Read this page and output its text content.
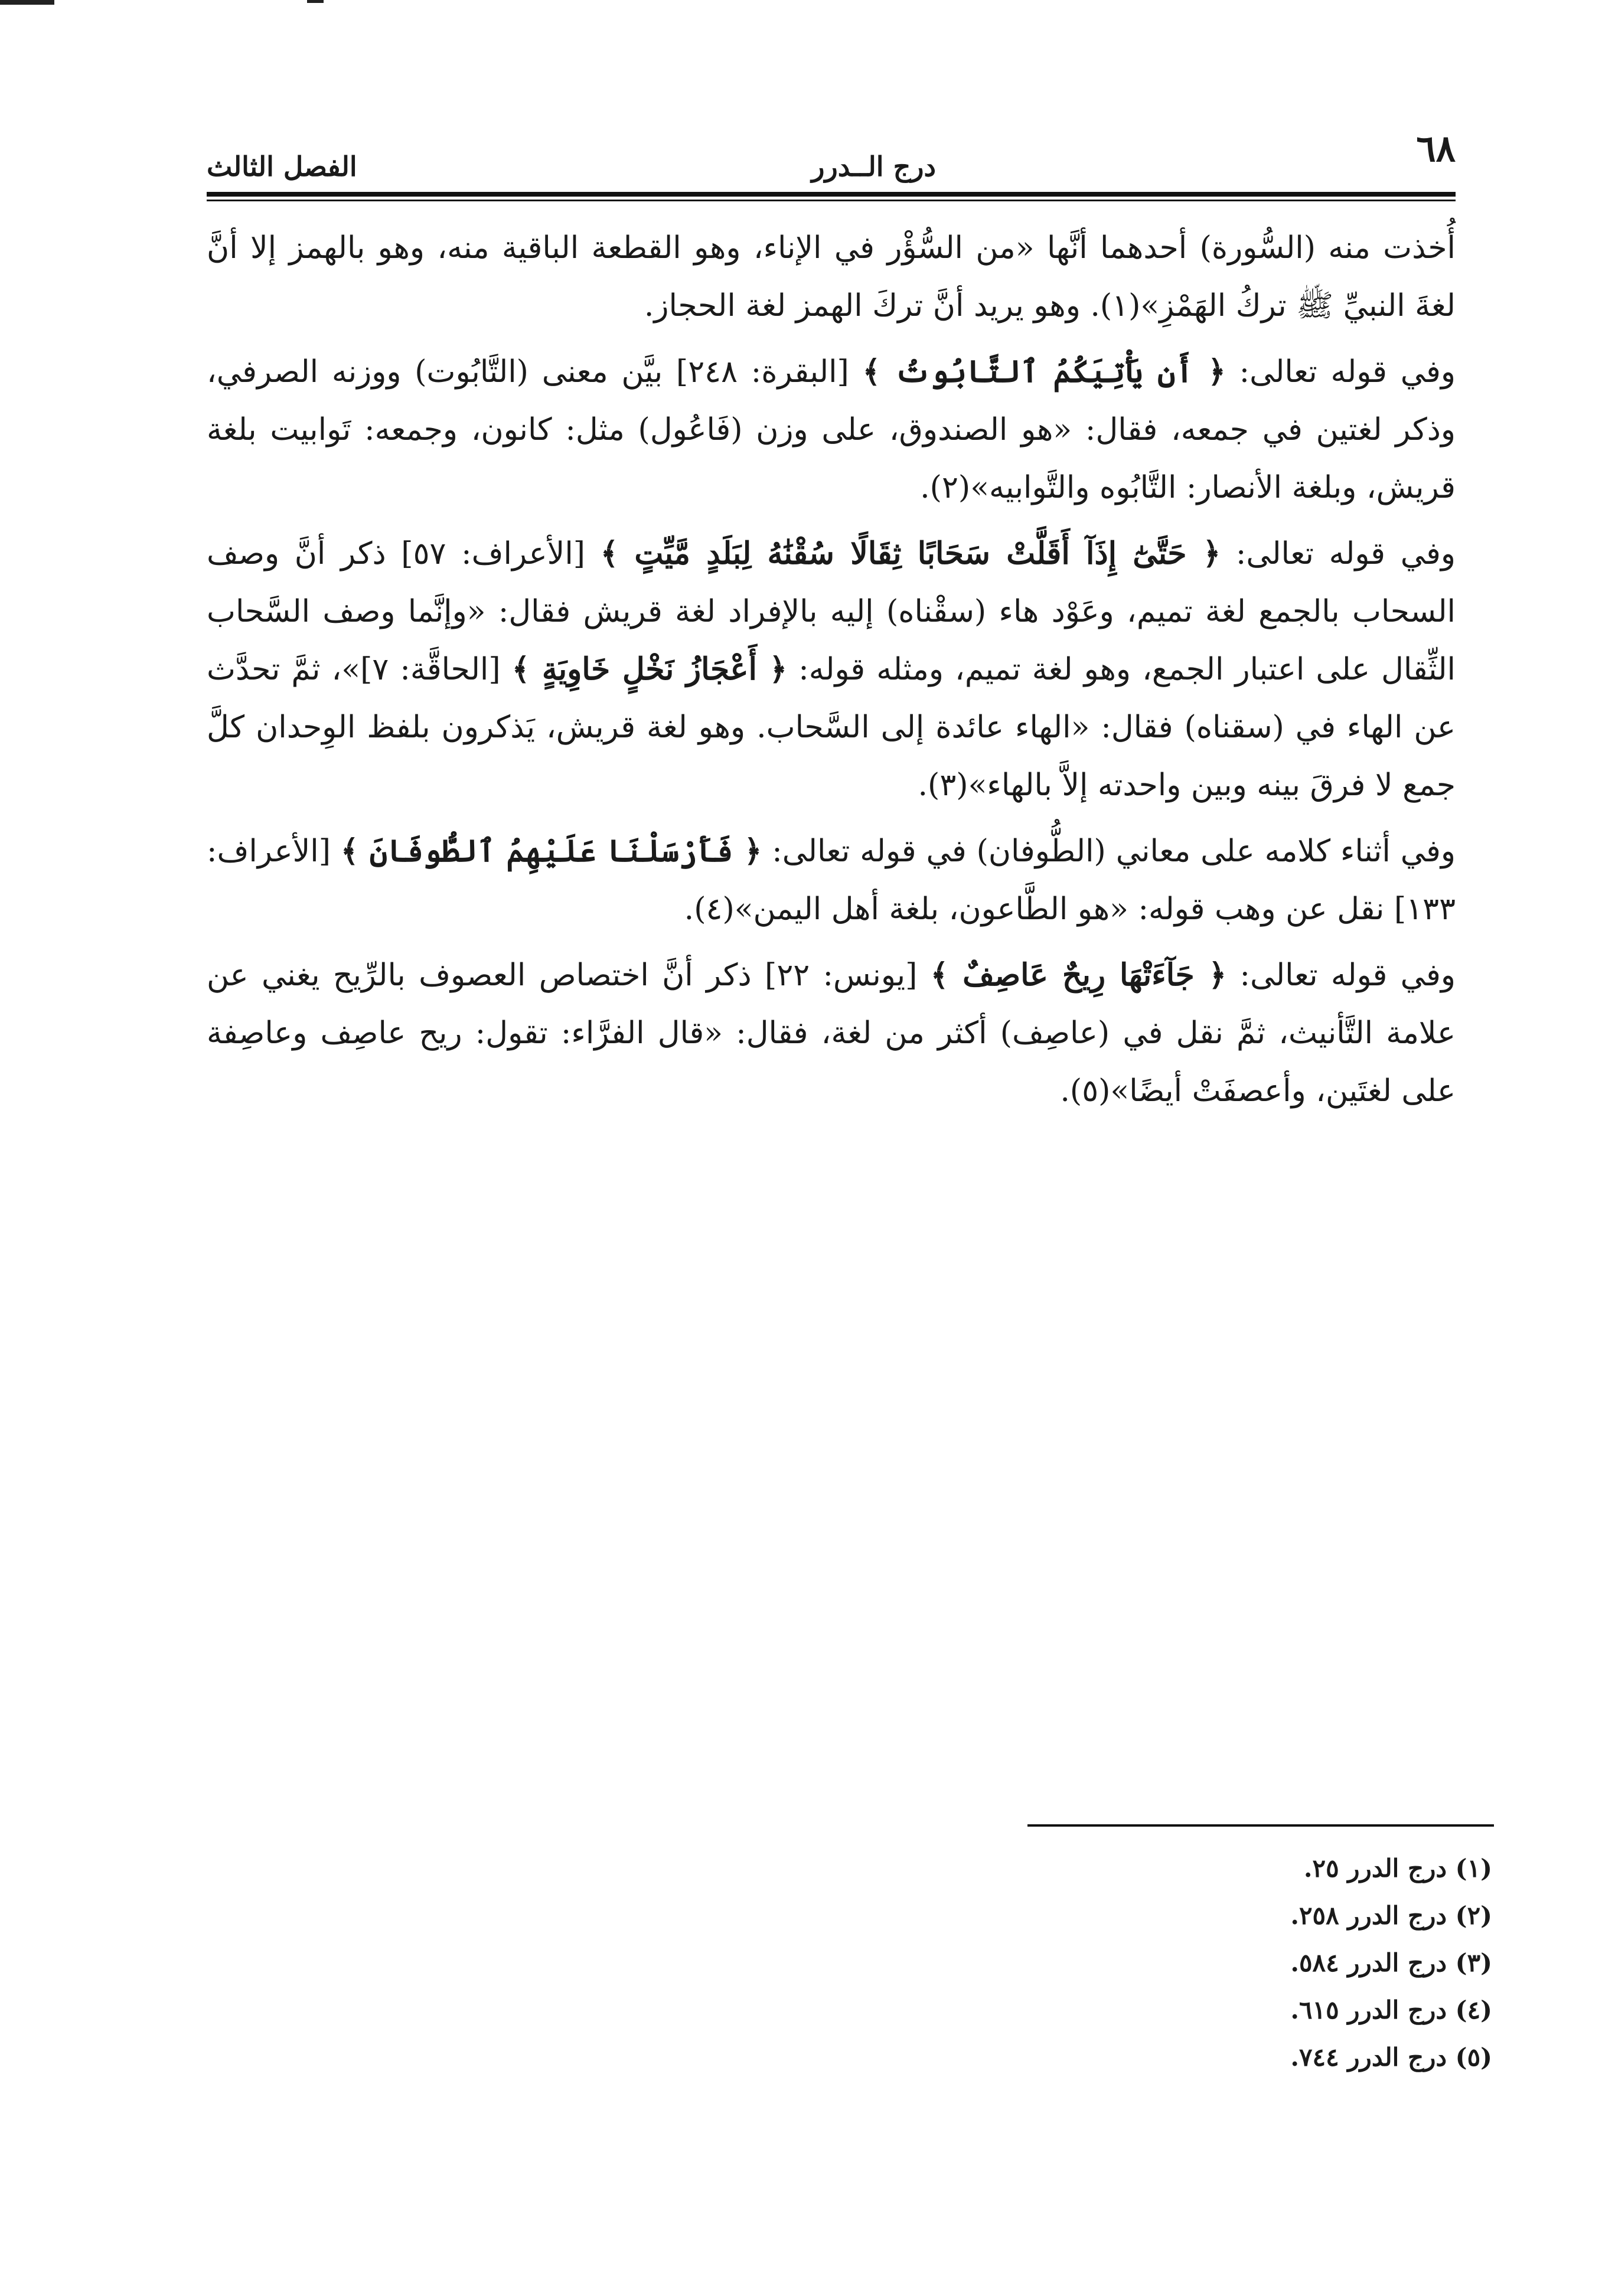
٦٨
درج الــدرر
الفصل الثالث

أُخذت منه (السُّورة) أحدهما أنَّها «من السُّؤْر في الإناء، وهو القطعة الباقية منه، وهو بالهمز إلا أنَّ لغةَ النبيِّ ﷺ تركُ الهَمْزِ»(١). وهو يريد أنَّ تركَ الهمز لغة الحجاز.

وفي قوله تعالى: ﴿ أَن يَأْتِيَكُمُ ٱلتَّابُوتُ ﴾ [البقرة: ٢٤٨] بيَّن معنى (التَّابُوت) ووزنه الصرفي، وذكر لغتين في جمعه، فقال: «هو الصندوق، على وزن (فَاعُول) مثل: كانون، وجمعه: تَوابيت بلغة قريش، وبلغة الأنصار: التَّابُوه والتَّوابيه»(٢).

وفي قوله تعالى: ﴿ حَتَّىٰٓ إِذَآ أَقَلَّتْ سَحَابًا ثِقَالًا سُقْنَٰهُ لِبَلَدٍ مَّيِّتٍ ﴾ [الأعراف: ٥٧] ذكر أنَّ وصف السحاب بالجمع لغة تميم، وعَوْد هاء (سقْناه) إليه بالإفراد لغة قريش فقال: «وإنَّما وصف السَّحاب الثِّقال على اعتبار الجمع، وهو لغة تميم، ومثله قوله: ﴿ أَعْجَازُ نَخْلٍ خَاوِيَةٍ ﴾ [الحاقَّة: ٧]»، ثمَّ تحدَّث عن الهاء في (سقناه) فقال: «الهاء عائدة إلى السَّحاب. وهو لغة قريش، يَذكرون بلفظ الوِحدان كلَّ جمع لا فرقَ بينه وبين واحدته إلاَّ بالهاء»(٣).

وفي أثناء كلامه على معاني (الطُّوفان) في قوله تعالى: ﴿ فَأَرْسَلْنَا عَلَيْهِمُ ٱلطُّوفَانَ ﴾ [الأعراف: ١٣٣] نقل عن وهب قوله: «هو الطَّاعون، بلغة أهل اليمن»(٤).

وفي قوله تعالى: ﴿ جَآءَتْهَا رِيحٌ عَاصِفٌ ﴾ [يونس: ٢٢] ذكر أنَّ اختصاص العصوف بالرِّيح يغني عن علامة التَّأنيث، ثمَّ نقل في (عاصِف) أكثر من لغة، فقال: «قال الفرَّاء: تقول: ريح عاصِف وعاصِفة على لغتَين، وأعصفَتْ أيضًا»(٥).

(١) درج الدرر ٢٥.
(٢) درج الدرر ٢٥٨.
(٣) درج الدرر ٥٨٤.
(٤) درج الدرر ٦١٥.
(٥) درج الدرر ٧٤٤.
